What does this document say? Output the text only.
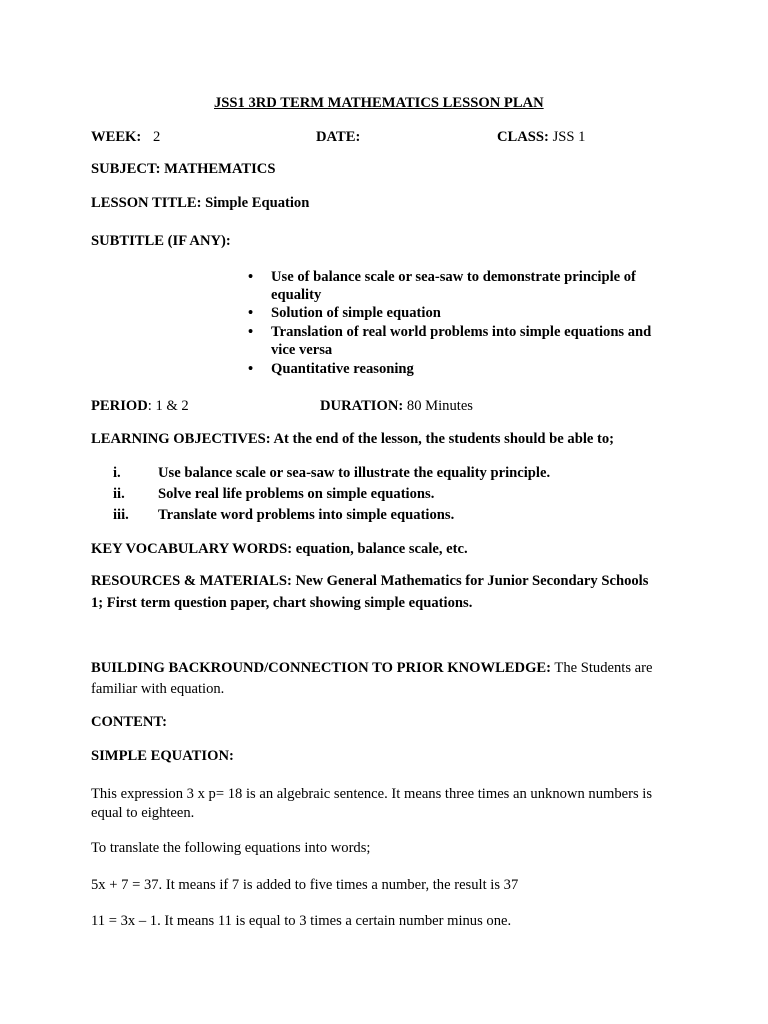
JSS1 3RD TERM MATHEMATICS LESSON PLAN
WEEK: 2	DATE:	CLASS: JSS 1
SUBJECT: MATHEMATICS
LESSON TITLE: Simple Equation
SUBTITLE (IF ANY):
• Use of balance scale or sea-saw to demonstrate principle of
equality
• Solution of simple equation
• Translation of real world problems into simple equations and
vice versa
• Quantitative reasoning
PERIOD: 1 & 2	DURATION: 80 Minutes
LEARNING OBJECTIVES: At the end of the lesson, the students should be able to;
i.	Use balance scale or sea-saw to illustrate the equality principle.
ii. Solve real life problems on simple equations.
iii. Translate word problems into simple equations.
KEY VOCABULARY WORDS: equation, balance scale, etc.
RESOURCES & MATERIALS: New General Mathematics for Junior Secondary Schools
1; First term question paper, chart showing simple equations.
BUILDING BACKROUND/CONNECTION TO PRIOR KNOWLEDGE: The Students are
familiar with equation.
CONTENT:
SIMPLE EQUATION:
This expression 3 x p= 18 is an algebraic sentence. It means three times an unknown numbers is
equal to eighteen.
To translate the following equations into words;
5x + 7 = 37. It means if 7 is added to five times a number, the result is 37
11 = 3x – 1. It means 11 is equal to 3 times a certain number minus one.
